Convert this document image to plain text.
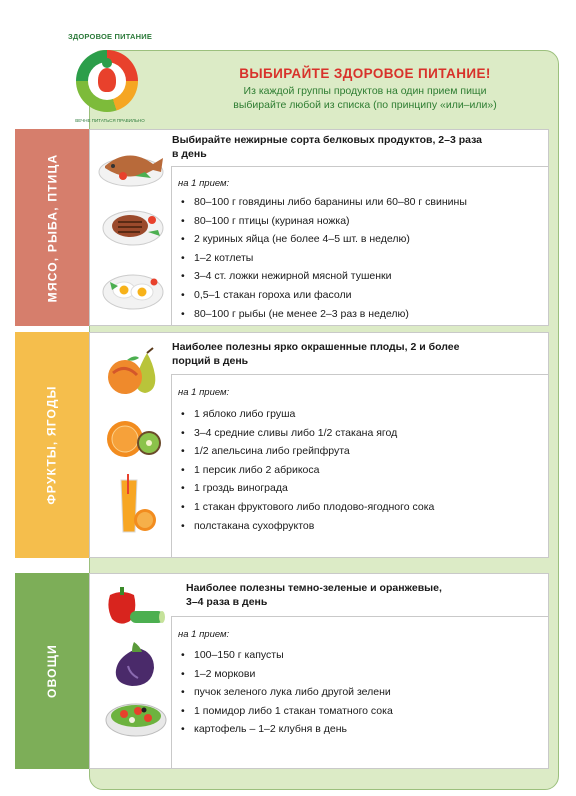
ЗДОРОВОЕ ПИТАНИЕ
ВЕЧНЕ ПИТАТЬСЯ ПРАВИЛЬНО
ВЫБИРАЙТЕ ЗДОРОВОЕ ПИТАНИЕ!
Из каждой группы продуктов на один прием пищи
выбирайте любой из списка (по принципу «или–или»)
МЯСО, РЫБА, ПТИЦА
Выбирайте нежирные сорта белковых продуктов, 2–3 раза
в день
на 1 прием:
• 80–100 г говядины либо баранины или 60–80 г свинины
• 80–100 г птицы (куриная ножка)
• 2 куриных яйца (не более 4–5 шт. в неделю)
• 1–2 котлеты
• 3–4 ст. ложки нежирной мясной тушенки
• 0,5–1 стакан гороха или фасоли
• 80–100 г рыбы (не менее 2–3 раз в неделю)
ФРУКТЫ, ЯГОДЫ
Наиболее полезны ярко окрашенные плоды, 2 и более
порций в день
на 1 прием:
• 1 яблоко либо груша
• 3–4 средние сливы либо 1/2 стакана ягод
• 1/2 апельсина либо грейпфрута
• 1 персик либо 2 абрикоса
• 1 гроздь винограда
• 1 стакан фруктового либо плодово-ягодного сока
• полстакана сухофруктов
ОВОЩИ
Наиболее полезны темно-зеленые и оранжевые,
3–4 раза в день
на 1 прием:
• 100–150 г капусты
• 1–2 моркови
• пучок зеленого лука либо другой зелени
• 1 помидор либо 1 стакан томатного сока
• картофель – 1–2 клубня в день
